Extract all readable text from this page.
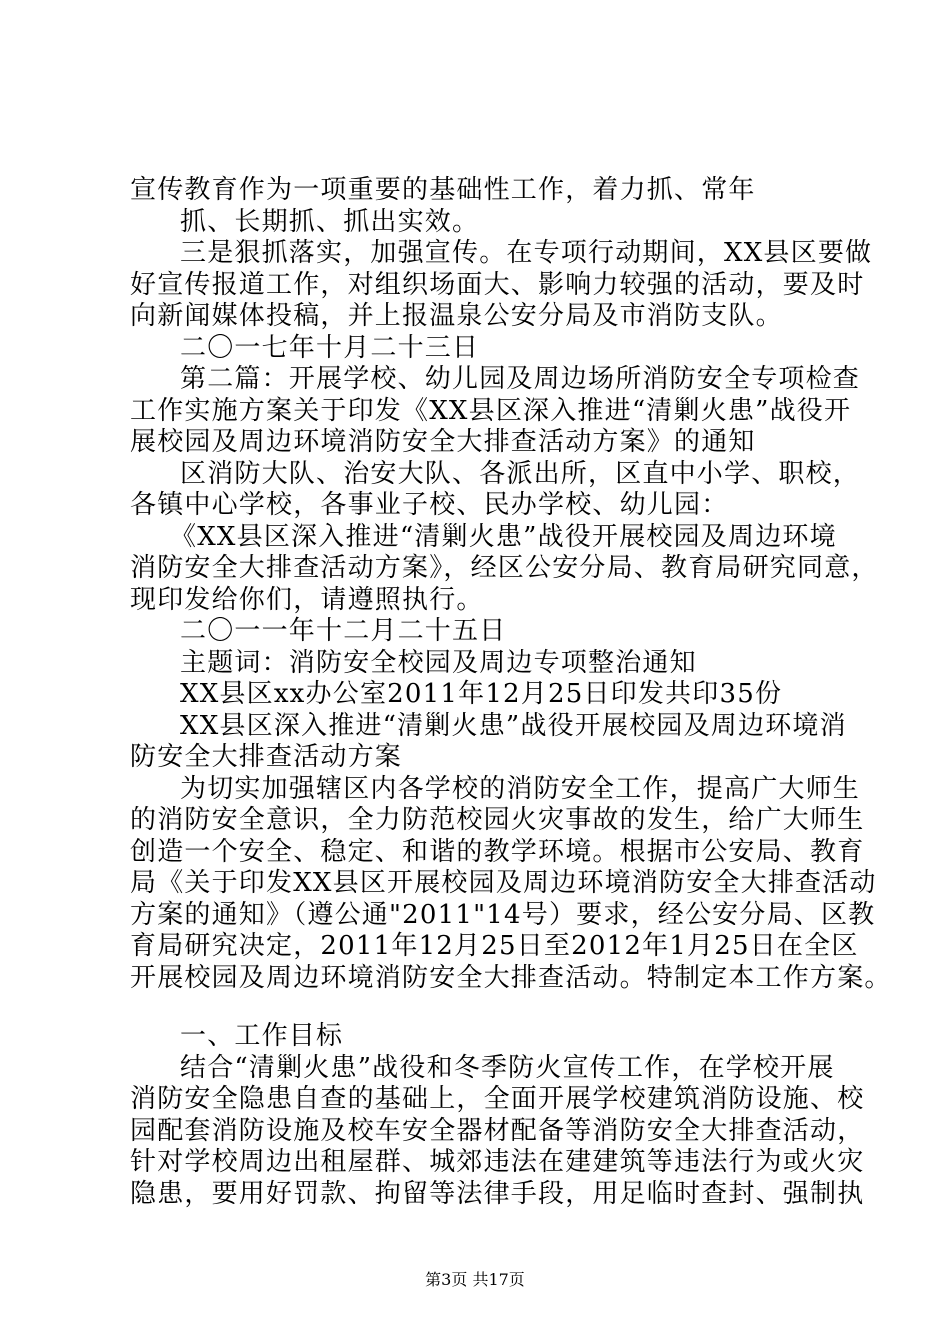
宣传教育作为一项重要的基础性工作，着力抓、常年
抓、长期抓、抓出实效。
三是狠抓落实，加强宣传。在专项行动期间，XX县区要做
好宣传报道工作，对组织场面大、影响力较强的活动，要及时
向新闻媒体投稿，并上报温泉公安分局及市消防支队。
二〇一七年十月二十三日
第二篇：开展学校、幼儿园及周边场所消防安全专项检查
工作实施方案关于印发《XX县区深入推进“清剿火患”战役开
展校园及周边环境消防安全大排查活动方案》的通知
区消防大队、治安大队、各派出所，区直中小学、职校，
各镇中心学校，各事业子校、民办学校、幼儿园：
《XX县区深入推进“清剿火患”战役开展校园及周边环境
消防安全大排查活动方案》，经区公安分局、教育局研究同意，
现印发给你们，请遵照执行。
二〇一一年十二月二十五日
主题词：消防安全校园及周边专项整治通知
XX县区xx办公室2011年12月25日印发共印35份
XX县区深入推进“清剿火患”战役开展校园及周边环境消
防安全大排查活动方案
为切实加强辖区内各学校的消防安全工作，提高广大师生
的消防安全意识，全力防范校园火灾事故的发生，给广大师生
创造一个安全、稳定、和谐的教学环境。根据市公安局、教育
局《关于印发XX县区开展校园及周边环境消防安全大排查活动
方案的通知》（遵公通"2011"14号）要求，经公安分局、区教
育局研究决定，2011年12月25日至2012年1月25日在全区
开展校园及周边环境消防安全大排查活动。特制定本工作方案。
一、工作目标
结合“清剿火患”战役和冬季防火宣传工作，在学校开展
消防安全隐患自查的基础上，全面开展学校建筑消防设施、校
园配套消防设施及校车安全器材配备等消防安全大排查活动，
针对学校周边出租屋群、城郊违法在建建筑等违法行为或火灾
隐患，要用好罚款、拘留等法律手段，用足临时查封、强制执
第3页 共17页
